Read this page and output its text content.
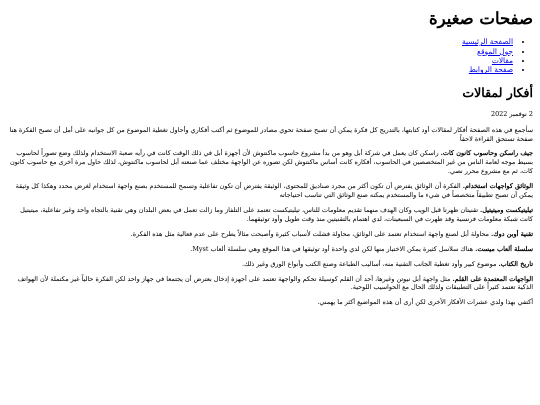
صفحات صغيرة
• الصفحة الرئيسية
• جول الموقع
• مقالات
• صفحة الروابط
أفكار لمقالات

2 نوفمبر 2022

سأجمع في هذه الصفحة أفكار لمقالات أود كتابتها، بالتدريج كل فكرة يمكن أن تصبح صفحة تحوي مصادر للموضوع ثم أكتب أفكاري وأحاول تغطية الموضوع من كل جوانبه على أمل أن تصبح الفكرة هنا صفحة تستحق القراءة لاحقاً

جيف راسكن وحاسوب كانون كات. راسكن كان يعمل في شركة أبل وهو من بدأ مشروع حاسوب ماكنتوش لأن أجهزة أبل في ذلك الوقت كانت في رأيه صعبة الاستخدام ولذلك وضع تصوراً لحاسوب بسيط موجه لعامة الناس من غير المتخصصين في الحاسوب، أفكاره كانت أساس ماكنتوش لكن تصوره عن الواجهة مختلف عما صنعته أبل لحاسوب ماكنتوش، لذلك حاول مرة أخرى مع حاسوب كانون كات، ثم مع مشروع محرر نصي.

الوثائق كواجهات استخدام. الفكرة أن الوثائق يفترض أن تكون أكثر من مجرد صناديق للمحتوى، الوثيقة يفترض أن تكون تفاعلية وتسمح للمستخدم بصنع واجهة استخدام لغرض محدد وهكذا كل وثيقة يمكن أن تصبح تطبيقاً متخصصاً في شيء ما والمستخدم يمكنه صنع الوثائق التي تناسب احتياجاته

تيليتيكست وميتيتيل. تقنيتان ظهرتا قبل الويب وكان الهدف منهما تقديم معلومات للناس، تيليتيكست تعتمد على التلفاز وما زالت تعمل في بعض البلدان وهي تقنية بالتجاه واحد وغير تفاعلية، ميتيتيل كانت شبكة معلومات فرنسية وقد ظهرت في السبعينات، لدي اهتمام بالتقنيتين منذ وقت طويل وأود توثيقهما.

تقنية أوبن دوك. محاولة أبل لصنع واجهة استخدام تعتمد على الوثائق، محاولة فشلت لأسباب كثيرة وأصبحت مثالاً يطرح على عدم فعالية مثل هذه الفكرة.

سلسلة ألعاب ميست. هناك سلاسل كثيرة يمكن الاختيار منها لكن لدي واحدة أود توثيقها في هذا الموقع وهي سلسلة ألعاب Myst.

تاريخ الكتاب. موضوع كبير وأود تغطية الجانب التقنية منه، أساليب الطباعة وصنع الكتب وأنواع الورق وغير ذلك.

الواجهات المعتمدة على القلم. مثل واجهة أبل نيوتن وغيرها، أحد أن القلم كوسيلة تحكم والواجهة تعتمد على أجهزة إدخال بعترض أن يجتمعا في جهاز واحد لكن الفكرة حالياً غير مكتملة لأن الهواتف الذكية تعتمد كثيراً على التطبيقات ولذلك الحال مع الحواسيب اللوحية.

أكتفي بهذا ولدي عشرات الأفكار الأخرى لكن أرى أن هذه المواضيع أكثر ما يهمني.
